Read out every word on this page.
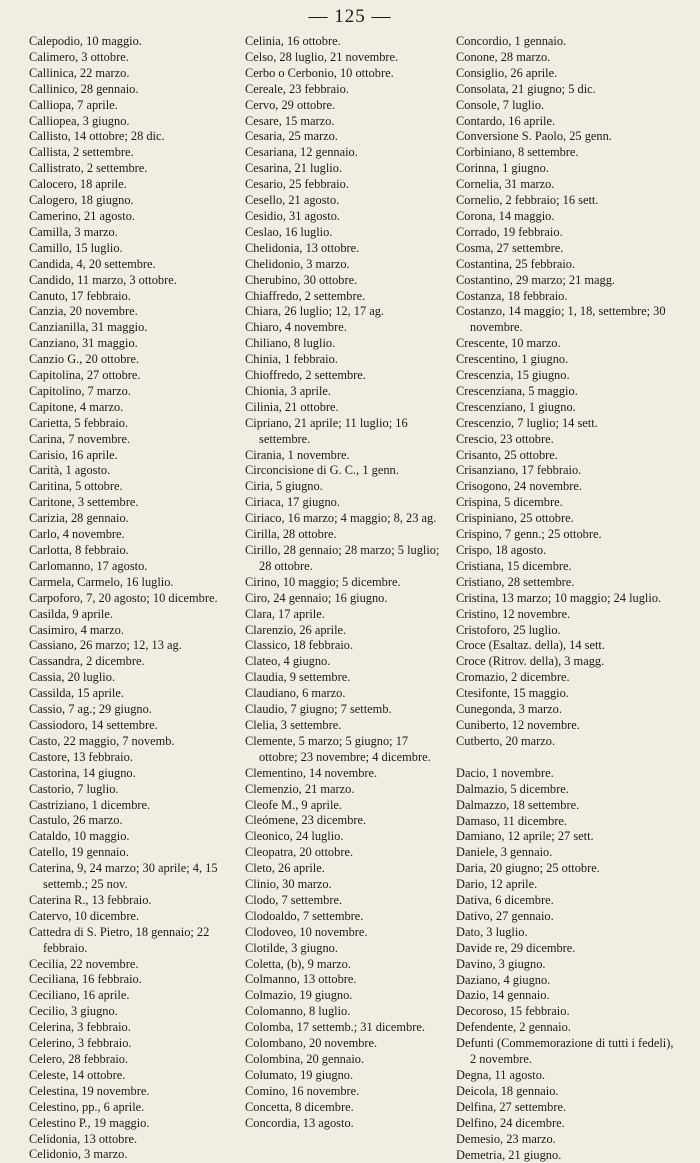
— 125 —
Calepodio, 10 maggio.
Calimero, 3 ottobre.
Callinica, 22 marzo.
Callinico, 28 gennaio.
Calliopa, 7 aprile.
Calliopea, 3 giugno.
Callisto, 14 ottobre; 28 dic.
Callista, 2 settembre.
Callistrato, 2 settembre.
Calocero, 18 aprile.
Calogero, 18 giugno.
Camerino, 21 agosto.
Camilla, 3 marzo.
Camillo, 15 luglio.
Candida, 4, 20 settembre.
Candido, 11 marzo, 3 ottobre.
Canuto, 17 febbraio.
Canzia, 20 novembre.
Canzianilla, 31 maggio.
Canziano, 31 maggio.
Canzio G., 20 ottobre.
Capitolina, 27 ottobre.
Capitolino, 7 marzo.
Capitone, 4 marzo.
Carietta, 5 febbraio.
Carina, 7 novembre.
Carisio, 16 aprile.
Carità, 1 agosto.
Caritina, 5 ottobre.
Caritone, 3 settembre.
Carizia, 28 gennaio.
Carlo, 4 novembre.
Carlotta, 8 febbraio.
Carlomanno, 17 agosto.
Carmela, Carmelo, 16 luglio.
Carpoforo, 7, 20 agosto; 10 dicembre.
Casilda, 9 aprile.
Casimiro, 4 marzo.
Cassiano, 26 marzo; 12, 13 ag.
Cassandra, 2 dicembre.
Cassia, 20 luglio.
Cassilda, 15 aprile.
Cassio, 7 ag.; 29 giugno.
Cassiodoro, 14 settembre.
Casto, 22 maggio, 7 novemb.
Castore, 13 febbraio.
Castorina, 14 giugno.
Castorio, 7 luglio.
Castriziano, 1 dicembre.
Castulo, 26 marzo.
Cataldo, 10 maggio.
Catello, 19 gennaio.
Caterina, 9, 24 marzo; 30 aprile; 4, 15 settemb.; 25 nov.
Caterina R., 13 febbraio.
Catervo, 10 dicembre.
Cattedra di S. Pietro, 18 gennaio; 22 febbraio.
Cecilia, 22 novembre.
Ceciliana, 16 febbraio.
Ceciliano, 16 aprile.
Cecilio, 3 giugno.
Celerina, 3 febbraio.
Celerino, 3 febbraio.
Celero, 28 febbraio.
Celeste, 14 ottobre.
Celestina, 19 novembre.
Celestino, pp., 6 aprile.
Celestino P., 19 maggio.
Celidonia, 13 ottobre.
Celidonio, 3 marzo.
Celinia, 16 ottobre.
Celso, 28 luglio, 21 novembre.
Cerbo o Cerbonio, 10 ottobre.
Cereale, 23 febbraio.
Cervo, 29 ottobre.
Cesare, 15 marzo.
Cesaria, 25 marzo.
Cesariana, 12 gennaio.
Cesarina, 21 luglio.
Cesario, 25 febbraio.
Cesello, 21 agosto.
Cesidio, 31 agosto.
Ceslao, 16 luglio.
Chelidonia, 13 ottobre.
Chelidonio, 3 marzo.
Cherubino, 30 ottobre.
Chiaffredo, 2 settembre.
Chiara, 26 luglio; 12, 17 ag.
Chiaro, 4 novembre.
Chiliano, 8 luglio.
Chinia, 1 febbraio.
Chioffredo, 2 settembre.
Chionia, 3 aprile.
Cilinia, 21 ottobre.
Cipriano, 21 aprile; 11 luglio; 16 settembre.
Cirania, 1 novembre.
Circoncisione di G. C., 1 genn.
Ciria, 5 giugno.
Ciriaca, 17 giugno.
Ciriaco, 16 marzo; 4 maggio; 8, 23 ag.
Cirilla, 28 ottobre.
Cirillo, 28 gennaio; 28 marzo; 5 luglio; 28 ottobre.
Cirino, 10 maggio; 5 dicembre.
Ciro, 24 gennaio; 16 giugno.
Clara, 17 aprile.
Clarenzio, 26 aprile.
Classico, 18 febbraio.
Clateo, 4 giugno.
Claudia, 9 settembre.
Claudiano, 6 marzo.
Claudio, 7 giugno; 7 settemb.
Clelia, 3 settembre.
Clemente, 5 marzo; 5 giugno; 17 ottobre; 23 novembre; 4 dicembre.
Clementino, 14 novembre.
Clemenzio, 21 marzo.
Cleofe M., 9 aprile.
Cleómene, 23 dicembre.
Cleonico, 24 luglio.
Cleopatra, 20 ottobre.
Cleto, 26 aprile.
Clinio, 30 marzo.
Clodo, 7 settembre.
Clodoaldo, 7 settembre.
Clodoveo, 10 novembre.
Clotilde, 3 giugno.
Coletta, (b), 9 marzo.
Colmanno, 13 ottobre.
Colmazio, 19 giugno.
Colomanno, 8 luglio.
Colomba, 17 settemb.; 31 dicembre.
Colombano, 20 novembre.
Colombina, 20 gennaio.
Columato, 19 giugno.
Comino, 16 novembre.
Concetta, 8 dicembre.
Concordia, 13 agosto.
Concordio, 1 gennaio.
Conone, 28 marzo.
Consiglio, 26 aprile.
Consolata, 21 giugno; 5 dic.
Console, 7 luglio.
Contardo, 16 aprile.
Conversione S. Paolo, 25 genn.
Corbiniano, 8 settembre.
Corinna, 1 giugno.
Cornelia, 31 marzo.
Cornelio, 2 febbraio; 16 sett.
Corona, 14 maggio.
Corrado, 19 febbraio.
Cosma, 27 settembre.
Costantina, 25 febbraio.
Costantino, 29 marzo; 21 magg.
Costanza, 18 febbraio.
Costanzo, 14 maggio; 1, 18, settembre; 30 novembre.
Crescente, 10 marzo.
Crescentino, 1 giugno.
Crescenzia, 15 giugno.
Crescenziana, 5 maggio.
Crescenziano, 1 giugno.
Crescenzio, 7 luglio; 14 sett.
Crescio, 23 ottobre.
Crisanto, 25 ottobre.
Crisanziano, 17 febbraio.
Crisogono, 24 novembre.
Crispina, 5 dicembre.
Crispiniano, 25 ottobre.
Crispino, 7 genn.; 25 ottobre.
Crispo, 18 agosto.
Cristiana, 15 dicembre.
Cristiano, 28 settembre.
Cristina, 13 marzo; 10 maggio; 24 luglio.
Cristino, 12 novembre.
Cristoforo, 25 luglio.
Croce (Esaltaz. della), 14 sett.
Croce (Ritrov. della), 3 magg.
Cromazio, 2 dicembre.
Ctesifonte, 15 maggio.
Cunegonda, 3 marzo.
Cuniberto, 12 novembre.
Cutberto, 20 marzo.
Dacio, 1 novembre.
Dalmazio, 5 dicembre.
Dalmazzo, 18 settembre.
Damaso, 11 dicembre.
Damiano, 12 aprile; 27 sett.
Daniele, 3 gennaio.
Daria, 20 giugno; 25 ottobre.
Dario, 12 aprile.
Dativa, 6 dicembre.
Dativo, 27 gennaio.
Dato, 3 luglio.
Davide re, 29 dicembre.
Davino, 3 giugno.
Daziano, 4 giugno.
Dazio, 14 gennaio.
Decoroso, 15 febbraio.
Defendente, 2 gennaio.
Defunti (Commemorazione di tutti i fedeli), 2 novembre.
Degna, 11 agosto.
Deicola, 18 gennaio.
Delfina, 27 settembre.
Delfino, 24 dicembre.
Demesio, 23 marzo.
Demetria, 21 giugno.
